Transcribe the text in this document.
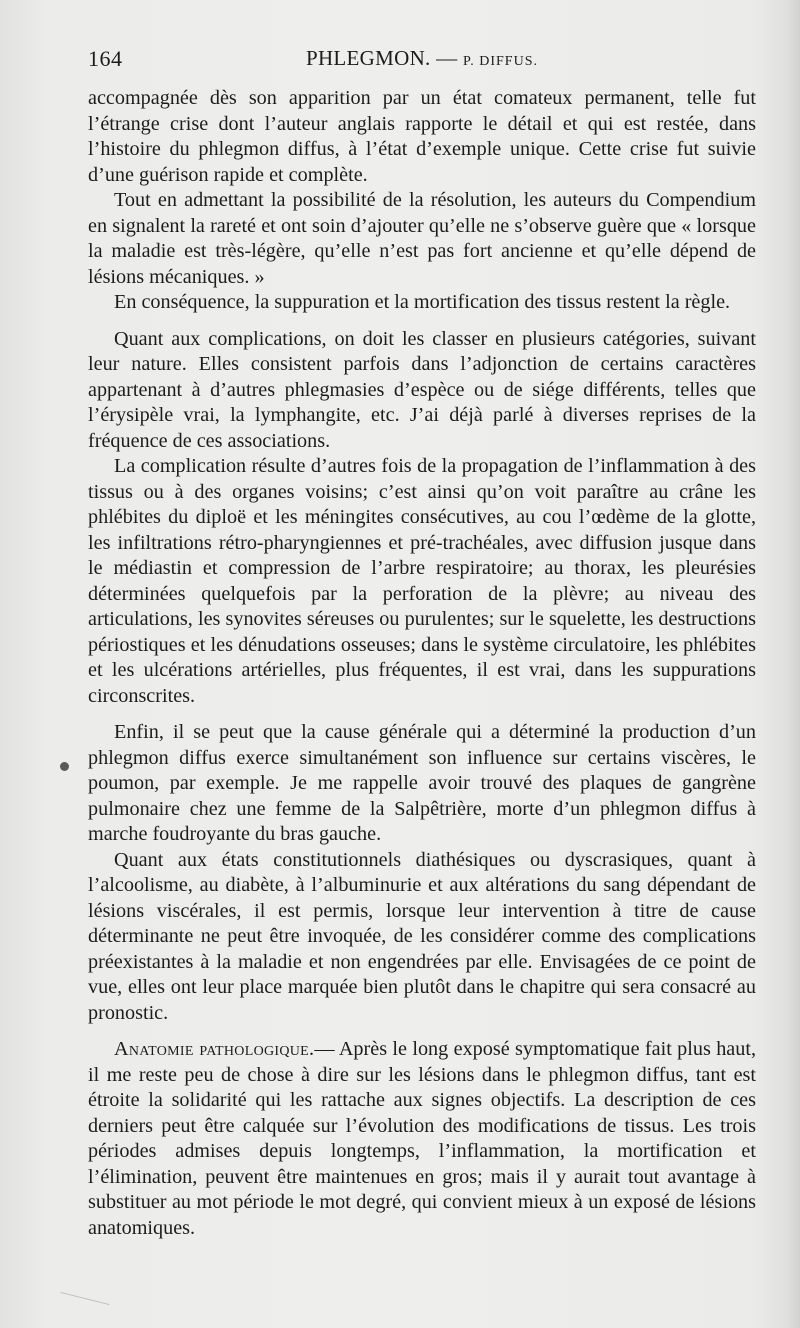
164	PHLEGMON. — P. DIFFUS.

accompagnée dès son apparition par un état comateux permanent, telle fut l’étrange crise dont l’auteur anglais rapporte le détail et qui est restée, dans l’histoire du phlegmon diffus, à l’état d’exemple unique. Cette crise fut suivie d’une guérison rapide et complète.

Tout en admettant la possibilité de la résolution, les auteurs du Compendium en signalent la rareté et ont soin d’ajouter qu’elle ne s’observe guère que « lorsque la maladie est très-légère, qu’elle n’est pas fort ancienne et qu’elle dépend de lésions mécaniques. »

En conséquence, la suppuration et la mortification des tissus restent la règle.

Quant aux complications, on doit les classer en plusieurs catégories, suivant leur nature. Elles consistent parfois dans l’adjonction de certains caractères appartenant à d’autres phlegmasies d’espèce ou de siége différents, telles que l’érysipèle vrai, la lymphangite, etc. J’ai déjà parlé à diverses reprises de la fréquence de ces associations.

La complication résulte d’autres fois de la propagation de l’inflammation à des tissus ou à des organes voisins; c’est ainsi qu’on voit paraître au crâne les phlébites du diploë et les méningites consécutives, au cou l’œdème de la glotte, les infiltrations rétro-pharyngiennes et pré-trachéales, avec diffusion jusque dans le médiastin et compression de l’arbre respiratoire; au thorax, les pleurésies déterminées quelquefois par la perforation de la plèvre; au niveau des articulations, les synovites séreuses ou purulentes; sur le squelette, les destructions périostiques et les dénudations osseuses; dans le système circulatoire, les phlébites et les ulcérations artérielles, plus fréquentes, il est vrai, dans les suppurations circonscrites.

Enfin, il se peut que la cause générale qui a déterminé la production d’un phlegmon diffus exerce simultanément son influence sur certains viscères, le poumon, par exemple. Je me rappelle avoir trouvé des plaques de gangrène pulmonaire chez une femme de la Salpêtrière, morte d’un phlegmon diffus à marche foudroyante du bras gauche.

Quant aux états constitutionnels diathésiques ou dyscrasiques, quant à l’alcoolisme, au diabète, à l’albuminurie et aux altérations du sang dépendant de lésions viscérales, il est permis, lorsque leur intervention à titre de cause déterminante ne peut être invoquée, de les considérer comme des complications préexistantes à la maladie et non engendrées par elle. Envisagées de ce point de vue, elles ont leur place marquée bien plutôt dans le chapitre qui sera consacré au pronostic.

Anatomie pathologique.— Après le long exposé symptomatique fait plus haut, il me reste peu de chose à dire sur les lésions dans le phlegmon diffus, tant est étroite la solidarité qui les rattache aux signes objectifs. La description de ces derniers peut être calquée sur l’évolution des modifications de tissus. Les trois périodes admises depuis longtemps, l’inflammation, la mortification et l’élimination, peuvent être maintenues en gros; mais il y aurait tout avantage à substituer au mot période le mot degré, qui convient mieux à un exposé de lésions anatomiques.
